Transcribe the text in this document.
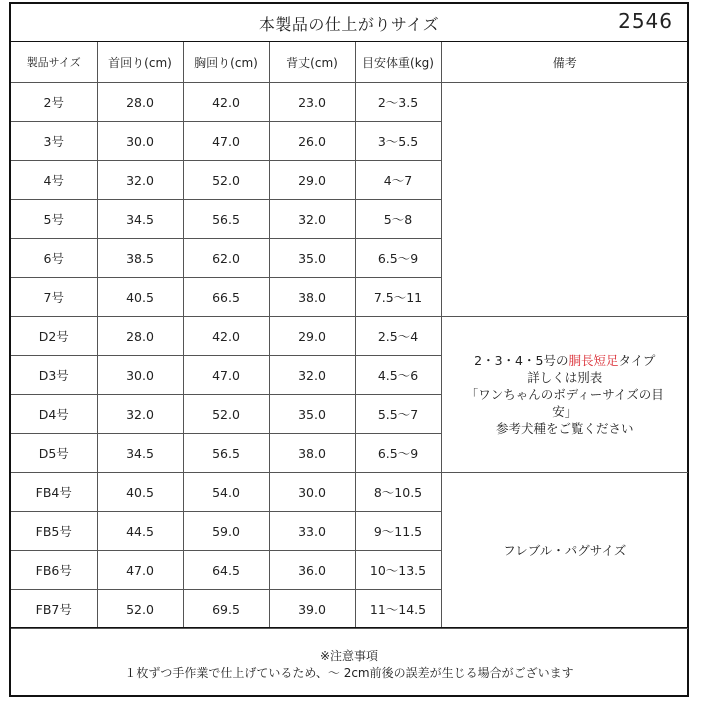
本製品の仕上がりサイズ	2546
製品サイズ	首回り(cm)	胸回り(cm)	背丈(cm)	目安体重(kg)	備考
2号	28.0	42.0	23.0	2～3.5	
3号	30.0	47.0	26.0	3～5.5	
4号	32.0	52.0	29.0	4～7	
5号	34.5	56.5	32.0	5～8	
6号	38.5	62.0	35.0	6.5～9	
7号	40.5	66.5	38.0	7.5～11	
D2号	28.0	42.0	29.0	2.5～4	2・3・4・5号の胴長短足タイプ
詳しくは別表
「ワンちゃんのボディーサイズの目
安」
参考犬種をご覧ください

D3号	30.0	47.0	32.0	4.5～6	
D4号	32.0	52.0	35.0	5.5～7	
D5号	34.5	56.5	38.0	6.5～9	
FB4号	40.5	54.0	30.0	8～10.5	フレブル・パグサイズ
FB5号	44.5	59.0	33.0	9～11.5	
FB6号	47.0	64.5	36.0	10～13.5	
FB7号	52.0	69.5	39.0	11～14.5	
※注意事項
１枚ずつ手作業で仕上げているため、～ 2cm前後の誤差が生じる場合がございます
